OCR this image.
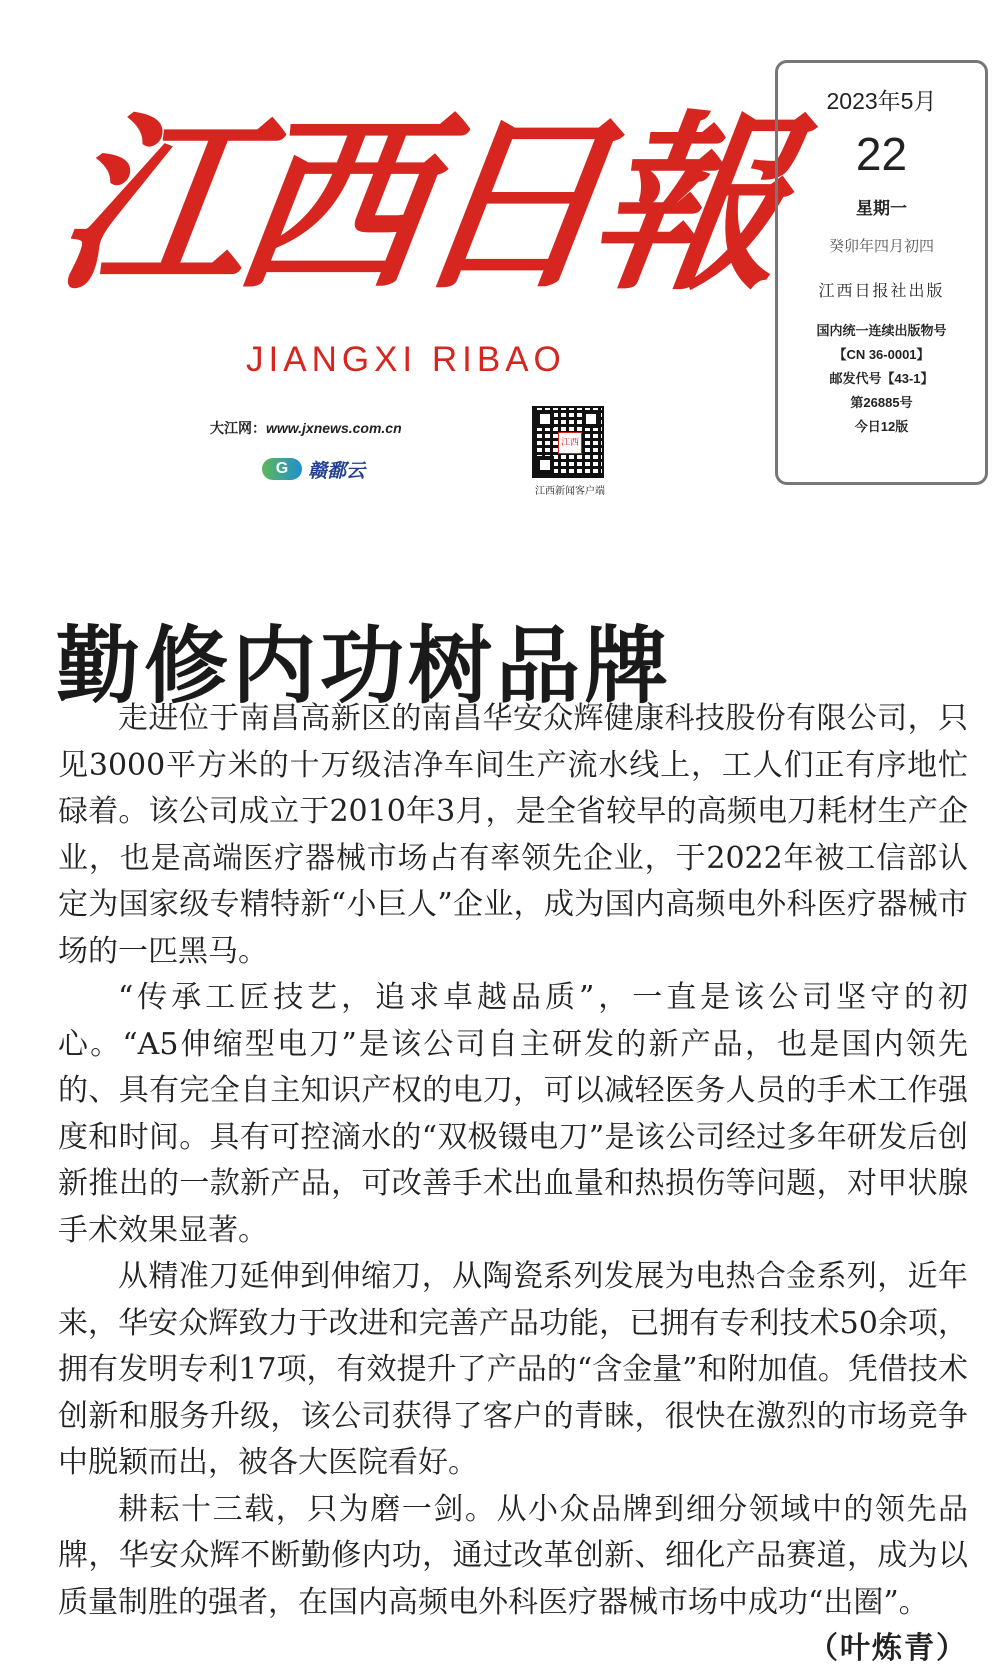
江西日報
JIANGXI RIBAO
大江网：www.jxnews.com.cn
G	赣鄱云
江西
江西新闻客户端
2023年5月
22
星期一
癸卯年四月初四
江西日报社出版
国内统一连续出版物号
【CN 36-0001】
邮发代号【43-1】
第26885号
今日12版
勤修内功树品牌

走进位于南昌高新区的南昌华安众辉健康科技股份有限公司，只见3000平方米的十万级洁净车间生产流水线上，工人们正有序地忙碌着。该公司成立于2010年3月，是全省较早的高频电刀耗材生产企业，也是高端医疗器械市场占有率领先企业，于2022年被工信部认定为国家级专精特新“小巨人”企业，成为国内高频电外科医疗器械市场的一匹黑马。

“传承工匠技艺，追求卓越品质”，一直是该公司坚守的初心。“A5伸缩型电刀”是该公司自主研发的新产品，也是国内领先的、具有完全自主知识产权的电刀，可以减轻医务人员的手术工作强度和时间。具有可控滴水的“双极镊电刀”是该公司经过多年研发后创新推出的一款新产品，可改善手术出血量和热损伤等问题，对甲状腺手术效果显著。

从精准刀延伸到伸缩刀，从陶瓷系列发展为电热合金系列，近年来，华安众辉致力于改进和完善产品功能，已拥有专利技术50余项，拥有发明专利17项，有效提升了产品的“含金量”和附加值。凭借技术创新和服务升级，该公司获得了客户的青睐，很快在激烈的市场竞争中脱颖而出，被各大医院看好。

耕耘十三载，只为磨一剑。从小众品牌到细分领域中的领先品牌，华安众辉不断勤修内功，通过改革创新、细化产品赛道，成为以质量制胜的强者，在国内高频电外科医疗器械市场中成功“出圈”。
（叶炼青）
